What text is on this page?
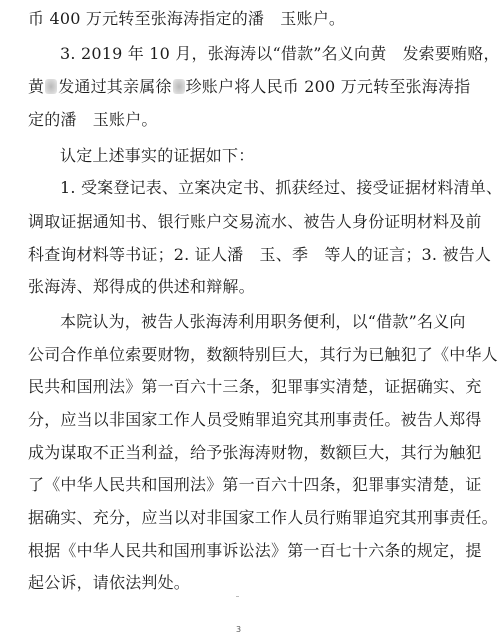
币 400 万元转至张海涛指定的潘　玉账户。
3. 2019 年 10 月，张海涛以“借款”名义向黄 发索要贿赂，
黄 发通过其亲属徐 珍账户将人民币 200 万元转至张海涛指
定的潘　玉账户。
认定上述事实的证据如下：
1. 受案登记表、立案决定书、抓获经过、接受证据材料清单、
调取证据通知书、银行账户交易流水、被告人身份证明材料及前
科查询材料等书证；2. 证人潘　玉、季　等人的证言；3. 被告人
张海涛、郑得成的供述和辩解。
本院认为，被告人张海涛利用职务便利，以“借款”名义向
公司合作单位索要财物，数额特别巨大，其行为已触犯了《中华人
民共和国刑法》第一百六十三条，犯罪事实清楚，证据确实、充
分，应当以非国家工作人员受贿罪追究其刑事责任。被告人郑得
成为谋取不正当利益，给予张海涛财物，数额巨大，其行为触犯
了《中华人民共和国刑法》第一百六十四条，犯罪事实清楚，证
据确实、充分，应当以对非国家工作人员行贿罪追究其刑事责任。
根据《中华人民共和国刑事诉讼法》第一百七十六条的规定，提
起公诉，请依法判处。
3
